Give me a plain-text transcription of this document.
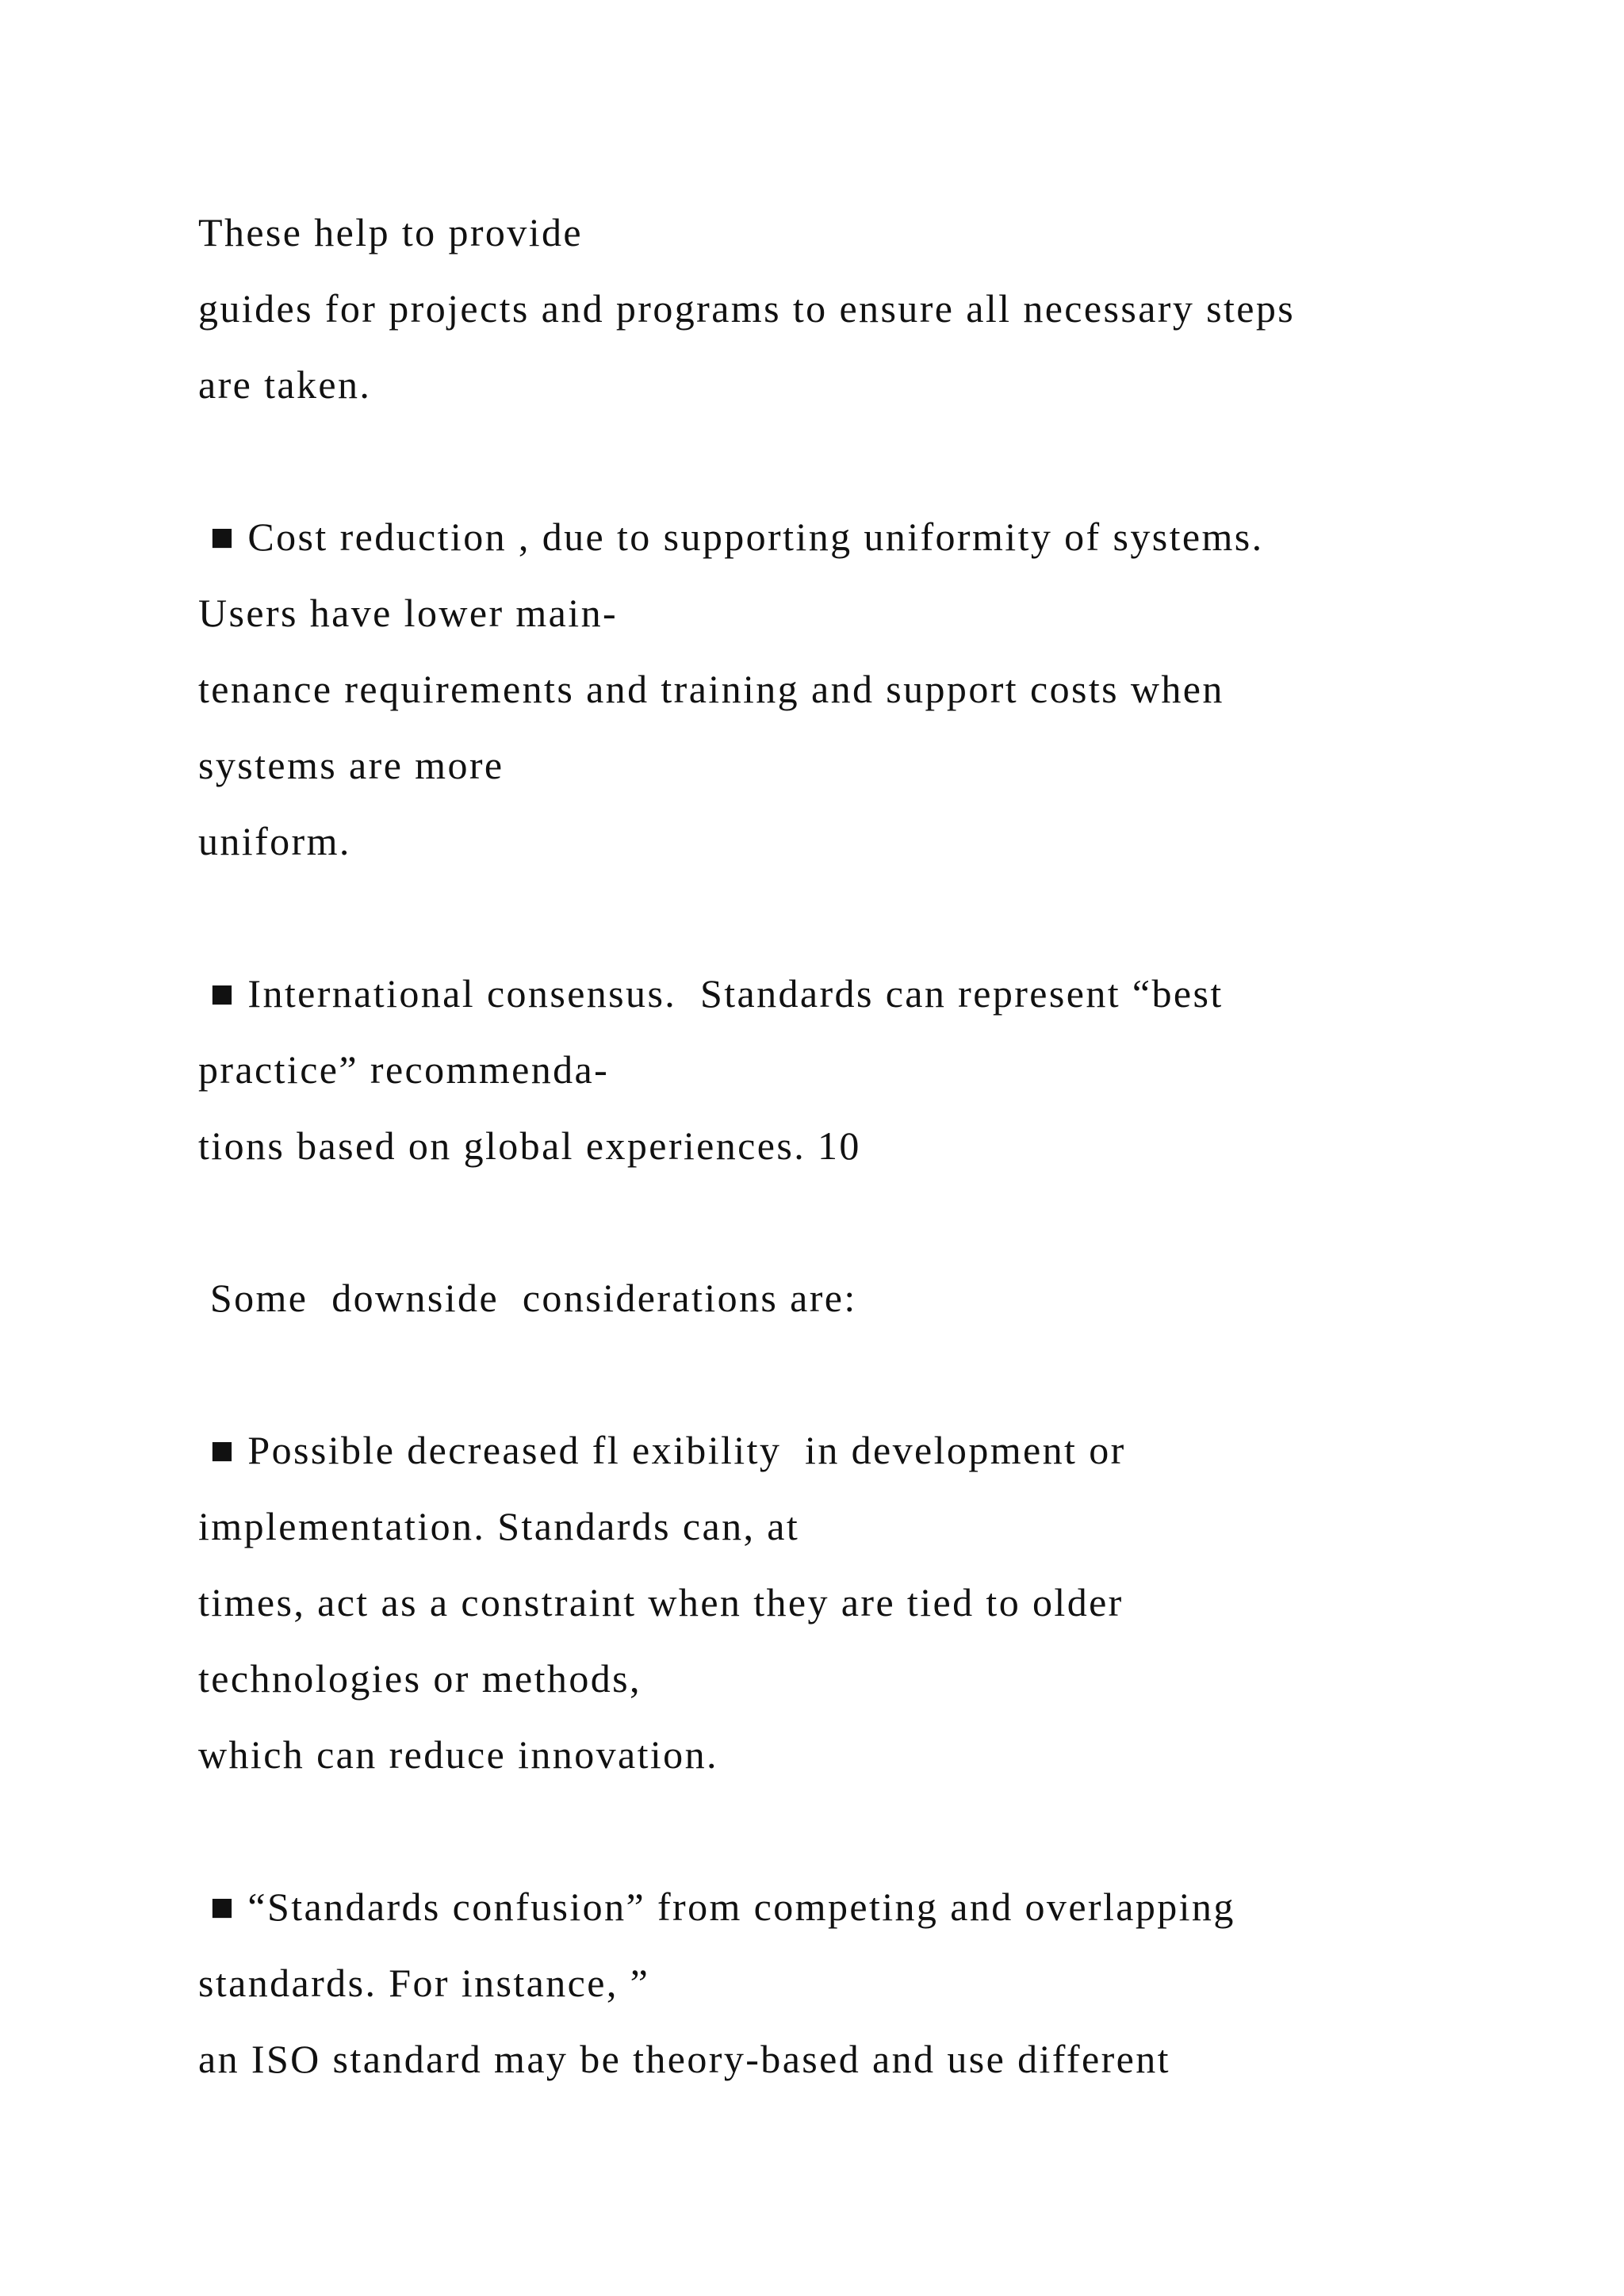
These help to provide
guides for projects and programs to ensure all necessary steps
are taken.
■ Cost reduction , due to supporting uniformity of systems.
Users have lower main-
tenance requirements and training and support costs when
systems are more
uniform.
■ International consensus.  Standards can represent “best
practice” recommenda-
tions based on global experiences. 10
Some  downside  considerations are:
■ Possible decreased fl exibility  in development or
implementation. Standards can, at
times, act as a constraint when they are tied to older
technologies or methods,
which can reduce innovation.
■ “Standards confusion” from competing and overlapping
standards. For instance, ”
an ISO standard may be theory-based and use different
